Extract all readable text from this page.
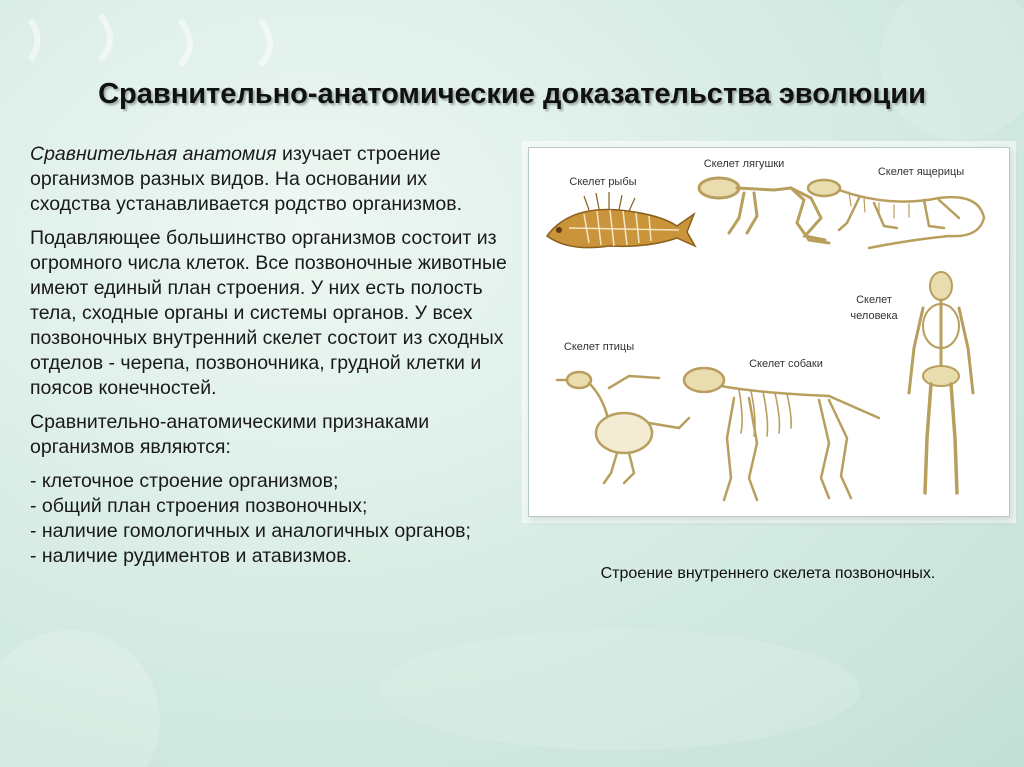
Сравнительно-анатомические доказательства эволюции

Сравнительная анатомия изучает строение организмов разных видов. На основании их сходства устанавливается родство организмов.

Подавляющее большинство организмов состоит из огромного числа клеток. Все позвоночные животные имеют единый план строения. У них есть полость тела, сходные органы и системы органов. У всех позвоночных внутренний скелет состоит из сходных отделов - черепа, позвоночника, грудной клетки и поясов конечностей.

Сравнительно-анатомическими признаками организмов являются:

- клеточное строение организмов;
- общий план строения позвоночных;
- наличие гомологичных и аналогичных органов;
- наличие рудиментов и атавизмов.
Скелет рыбы
Скелет лягушки
Скелет ящерицы
Скелет
человека
Скелет птицы
Скелет собаки
Строение внутреннего скелета позвоночных.
